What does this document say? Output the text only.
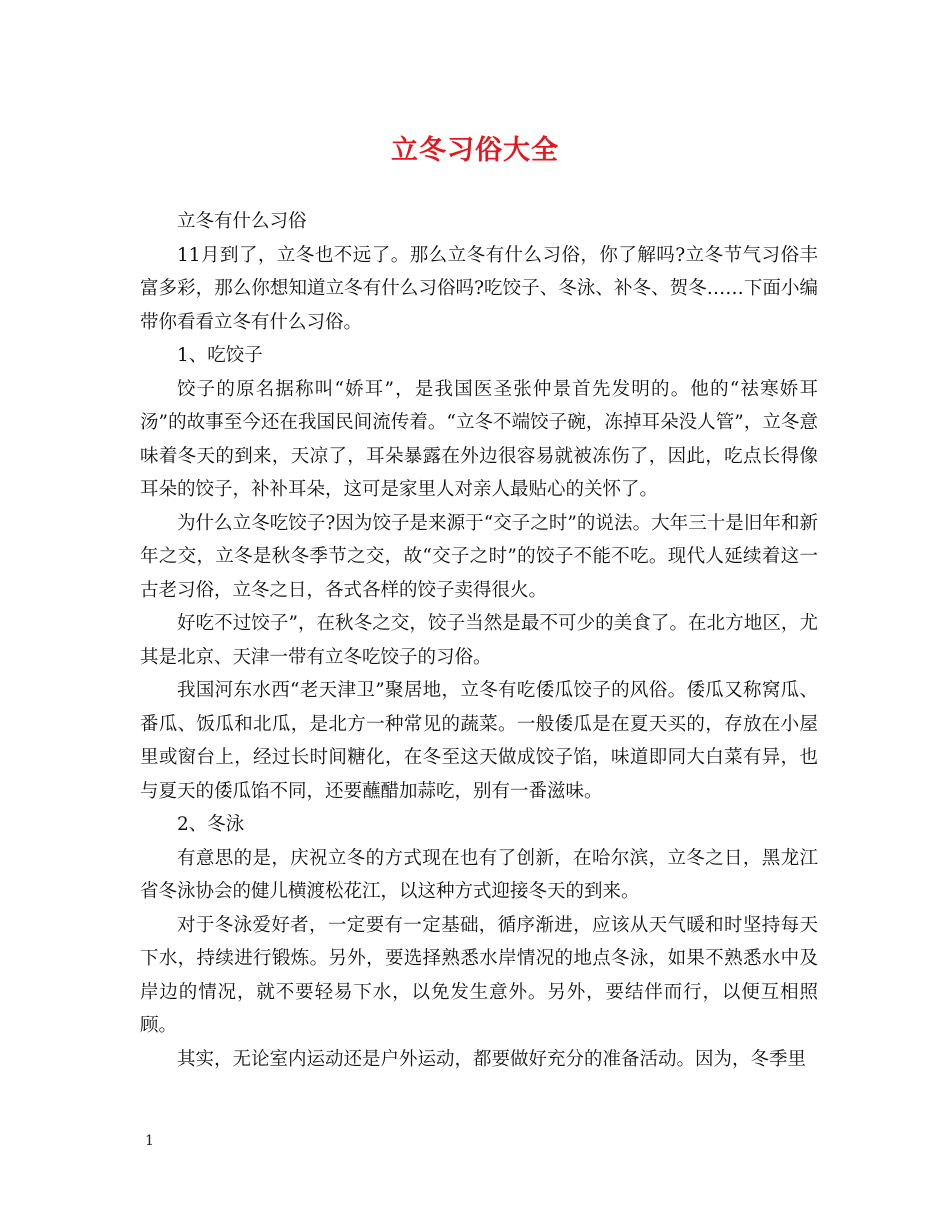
立冬习俗大全

立冬有什么习俗

11月到了，立冬也不远了。那么立冬有什么习俗，你了解吗?立冬节气习俗丰富多彩，那么你想知道立冬有什么习俗吗?吃饺子、冬泳、补冬、贺冬……下面小编带你看看立冬有什么习俗。

1、吃饺子

饺子的原名据称叫“娇耳”，是我国医圣张仲景首先发明的。他的“祛寒娇耳汤”的故事至今还在我国民间流传着。“立冬不端饺子碗，冻掉耳朵没人管”，立冬意味着冬天的到来，天凉了，耳朵暴露在外边很容易就被冻伤了，因此，吃点长得像耳朵的饺子，补补耳朵，这可是家里人对亲人最贴心的关怀了。

为什么立冬吃饺子?因为饺子是来源于“交子之时”的说法。大年三十是旧年和新年之交，立冬是秋冬季节之交，故“交子之时”的饺子不能不吃。现代人延续着这一古老习俗，立冬之日，各式各样的饺子卖得很火。

好吃不过饺子”，在秋冬之交，饺子当然是最不可少的美食了。在北方地区，尤其是北京、天津一带有立冬吃饺子的习俗。

我国河东水西“老天津卫”聚居地，立冬有吃倭瓜饺子的风俗。倭瓜又称窝瓜、番瓜、饭瓜和北瓜，是北方一种常见的蔬菜。一般倭瓜是在夏天买的，存放在小屋里或窗台上，经过长时间糖化，在冬至这天做成饺子馅，味道即同大白菜有异，也与夏天的倭瓜馅不同，还要蘸醋加蒜吃，别有一番滋味。

2、冬泳

有意思的是，庆祝立冬的方式现在也有了创新，在哈尔滨，立冬之日，黑龙江省冬泳协会的健儿横渡松花江，以这种方式迎接冬天的到来。

对于冬泳爱好者，一定要有一定基础，循序渐进，应该从天气暖和时坚持每天下水，持续进行锻炼。另外，要选择熟悉水岸情况的地点冬泳，如果不熟悉水中及岸边的情况，就不要轻易下水，以免发生意外。另外，要结伴而行，以便互相照顾。

其实，无论室内运动还是户外运动，都要做好充分的准备活动。因为，冬季里

1
